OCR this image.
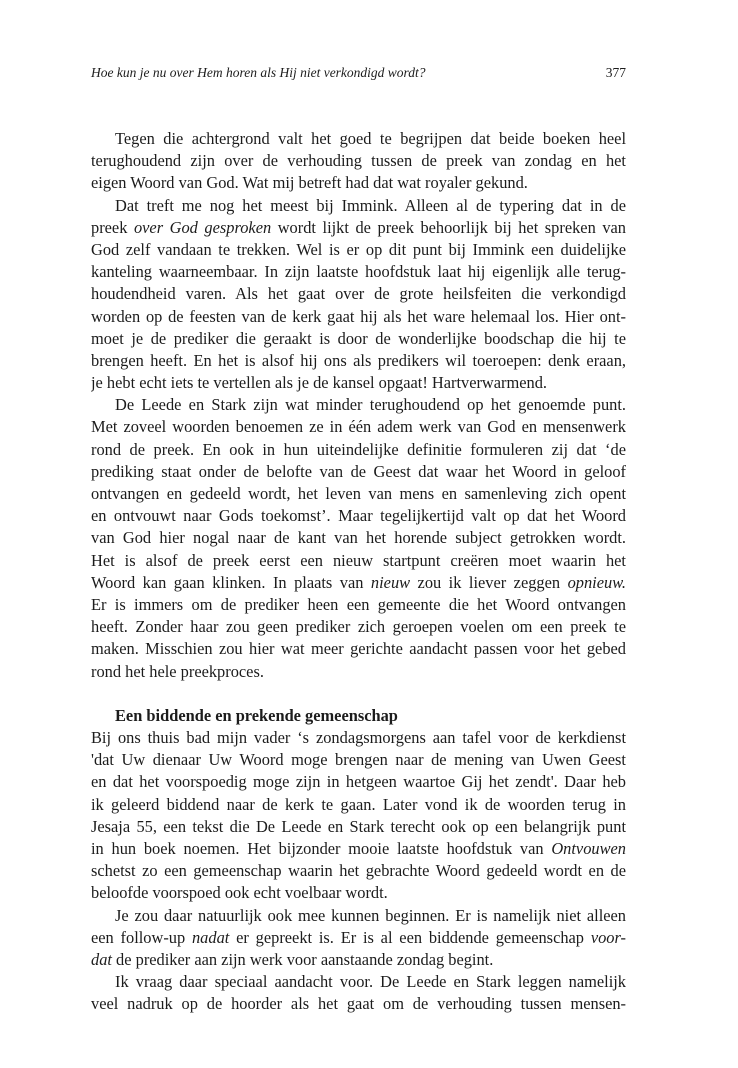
Hoe kun je nu over Hem horen als Hij niet verkondigd wordt?	377
Tegen die achtergrond valt het goed te begrijpen dat beide boeken heel
terughoudend zijn over de verhouding tussen de preek van zondag en het
eigen Woord van God. Wat mij betreft had dat wat royaler gekund.
Dat treft me nog het meest bij Immink. Alleen al de typering dat in de
preek over God gesproken wordt lijkt de preek behoorlijk bij het spreken van
God zelf vandaan te trekken. Wel is er op dit punt bij Immink een duidelijke
kanteling waarneembaar. In zijn laatste hoofdstuk laat hij eigenlijk alle terug-
houdendheid varen. Als het gaat over de grote heilsfeiten die verkondigd
worden op de feesten van de kerk gaat hij als het ware helemaal los. Hier ont-
moet je de prediker die geraakt is door de wonderlijke boodschap die hij te
brengen heeft. En het is alsof hij ons als predikers wil toeroepen: denk eraan,
je hebt echt iets te vertellen als je de kansel opgaat! Hartverwarmend.
De Leede en Stark zijn wat minder terughoudend op het genoemde punt.
Met zoveel woorden benoemen ze in één adem werk van God en mensenwerk
rond de preek. En ook in hun uiteindelijke definitie formuleren zij dat ‘de
prediking staat onder de belofte van de Geest dat waar het Woord in geloof
ontvangen en gedeeld wordt, het leven van mens en samenleving zich opent
en ontvouwt naar Gods toekomst’. Maar tegelijkertijd valt op dat het Woord
van God hier nogal naar de kant van het horende subject getrokken wordt.
Het is alsof de preek eerst een nieuw startpunt creëren moet waarin het
Woord kan gaan klinken. In plaats van nieuw zou ik liever zeggen opnieuw.
Er is immers om de prediker heen een gemeente die het Woord ontvangen
heeft. Zonder haar zou geen prediker zich geroepen voelen om een preek te
maken. Misschien zou hier wat meer gerichte aandacht passen voor het gebed
rond het hele preekproces.
Een biddende en prekende gemeenschap
Bij ons thuis bad mijn vader ‘s zondagsmorgens aan tafel voor de kerkdienst
'dat Uw dienaar Uw Woord moge brengen naar de mening van Uwen Geest
en dat het voorspoedig moge zijn in hetgeen waartoe Gij het zendt'. Daar heb
ik geleerd biddend naar de kerk te gaan. Later vond ik de woorden terug in
Jesaja 55, een tekst die De Leede en Stark terecht ook op een belangrijk punt
in hun boek noemen. Het bijzonder mooie laatste hoofdstuk van Ontvouwen
schetst zo een gemeenschap waarin het gebrachte Woord gedeeld wordt en de
beloofde voorspoed ook echt voelbaar wordt.
Je zou daar natuurlijk ook mee kunnen beginnen. Er is namelijk niet alleen
een follow-up nadat er gepreekt is. Er is al een biddende gemeenschap voor-
dat de prediker aan zijn werk voor aanstaande zondag begint.
Ik vraag daar speciaal aandacht voor. De Leede en Stark leggen namelijk
veel nadruk op de hoorder als het gaat om de verhouding tussen mensen-
